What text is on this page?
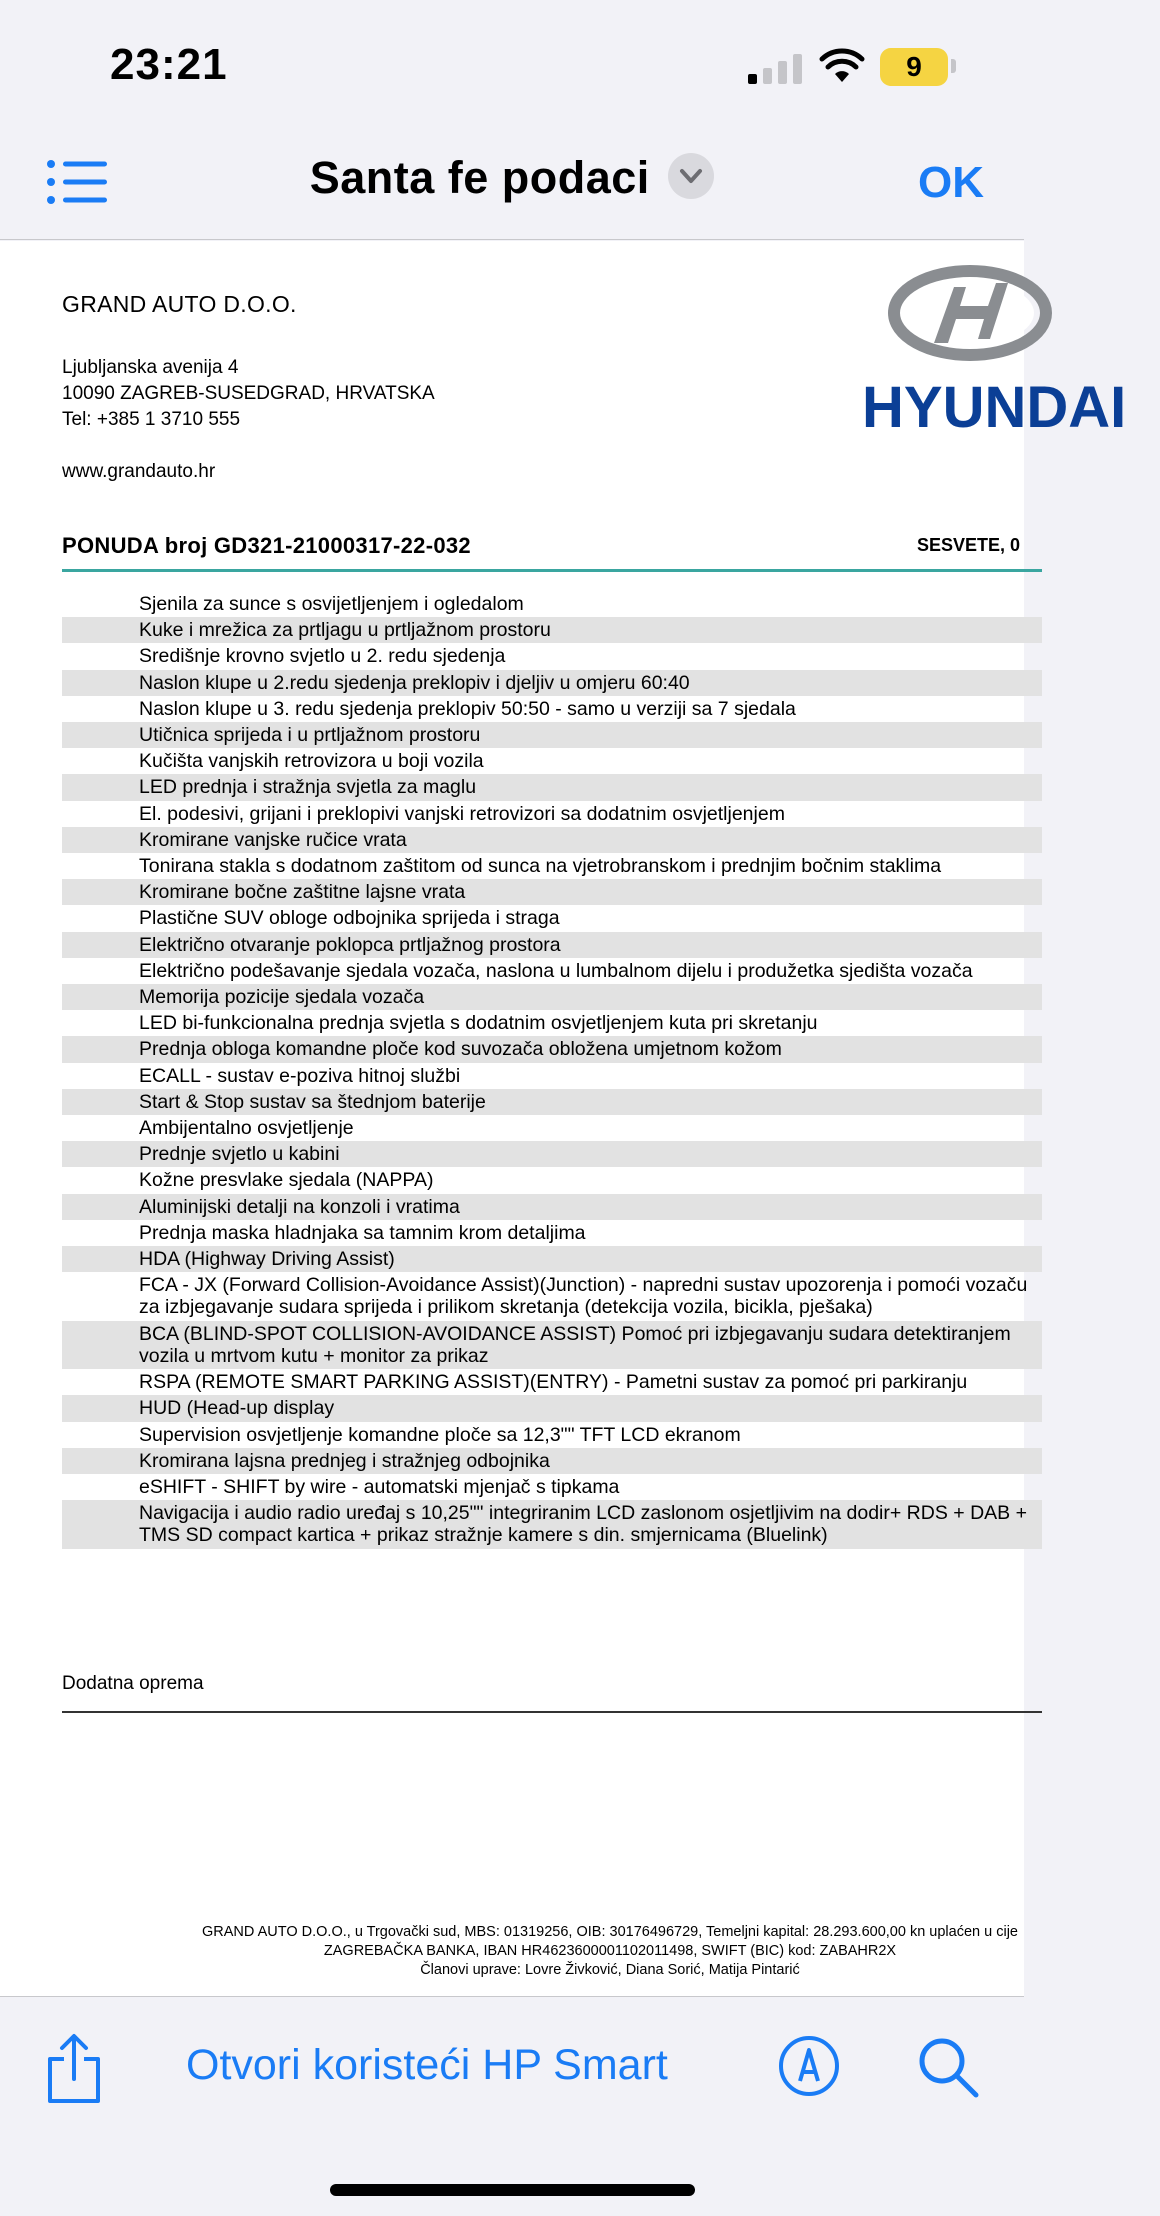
23:21	9
Santa fe podaci	OK
GRAND AUTO D.O.O.
Ljubljanska avenija 4
10090 ZAGREB-SUSEDGRAD, HRVATSKA
Tel: +385 1 3710 555
www.grandauto.hr
HYUNDAI
PONUDA broj GD321-21000317-22-032	SESVETE, 0
Sjenila za sunce s osvijetljenjem i ogledalom
Kuke i mrežica za prtljagu u prtljažnom prostoru
Središnje krovno svjetlo u 2. redu sjedenja
Naslon klupe u 2.redu sjedenja preklopiv i djeljiv u omjeru 60:40
Naslon klupe u 3. redu sjedenja preklopiv 50:50 - samo u verziji sa 7 sjedala
Utičnica sprijeda i u prtljažnom prostoru
Kučišta vanjskih retrovizora u boji vozila
LED prednja i stražnja svjetla za maglu
El. podesivi, grijani i preklopivi vanjski retrovizori sa dodatnim osvjetljenjem
Kromirane vanjske ručice vrata
Tonirana stakla s dodatnom zaštitom od sunca na vjetrobranskom i prednjim bočnim staklima
Kromirane bočne zaštitne lajsne vrata
Plastične SUV obloge odbojnika sprijeda i straga
Električno otvaranje poklopca prtljažnog prostora
Električno podešavanje sjedala vozača, naslona u lumbalnom dijelu i produžetka sjedišta vozača
Memorija pozicije sjedala vozača
LED bi-funkcionalna prednja svjetla s dodatnim osvjetljenjem kuta pri skretanju
Prednja obloga komandne ploče kod suvozača obložena umjetnom kožom
ECALL - sustav e-poziva hitnoj službi
Start & Stop sustav sa štednjom baterije
Ambijentalno osvjetljenje
Prednje svjetlo u kabini
Kožne presvlake sjedala (NAPPA)
Aluminijski detalji na konzoli i vratima
Prednja maska hladnjaka sa tamnim krom detaljima
HDA (Highway Driving Assist)
FCA - JX (Forward Collision-Avoidance Assist)(Junction) - napredni sustav upozorenja i pomoći vozaču za izbjegavanje sudara sprijeda i prilikom skretanja (detekcija vozila, bicikla, pješaka)
BCA (BLIND-SPOT COLLISION-AVOIDANCE ASSIST) Pomoć pri izbjegavanju sudara detektiranjem vozila u mrtvom kutu + monitor za prikaz
RSPA (REMOTE SMART PARKING ASSIST)(ENTRY) - Pametni sustav za pomoć pri parkiranju
HUD (Head-up display
Supervision osvjetljenje komandne ploče sa 12,3"" TFT LCD ekranom
Kromirana lajsna prednjeg i stražnjeg odbojnika
eSHIFT - SHIFT by wire - automatski mjenjač s tipkama
Navigacija i audio radio uređaj s 10,25"" integriranim LCD zaslonom osjetljivim na dodir+ RDS + DAB + TMS SD compact kartica + prikaz stražnje kamere s din. smjernicama (Bluelink)
Dodatna oprema
GRAND AUTO D.O.O., u Trgovački sud, MBS: 01319256, OIB: 30176496729, Temeljni kapital: 28.293.600,00 kn uplaćen u cije
ZAGREBAČKA BANKA, IBAN HR4623600001102011498, SWIFT (BIC) kod: ZABAHR2X
Članovi uprave: Lovre Živković, Diana Sorić, Matija Pintarić
Otvori koristeći HP Smart
